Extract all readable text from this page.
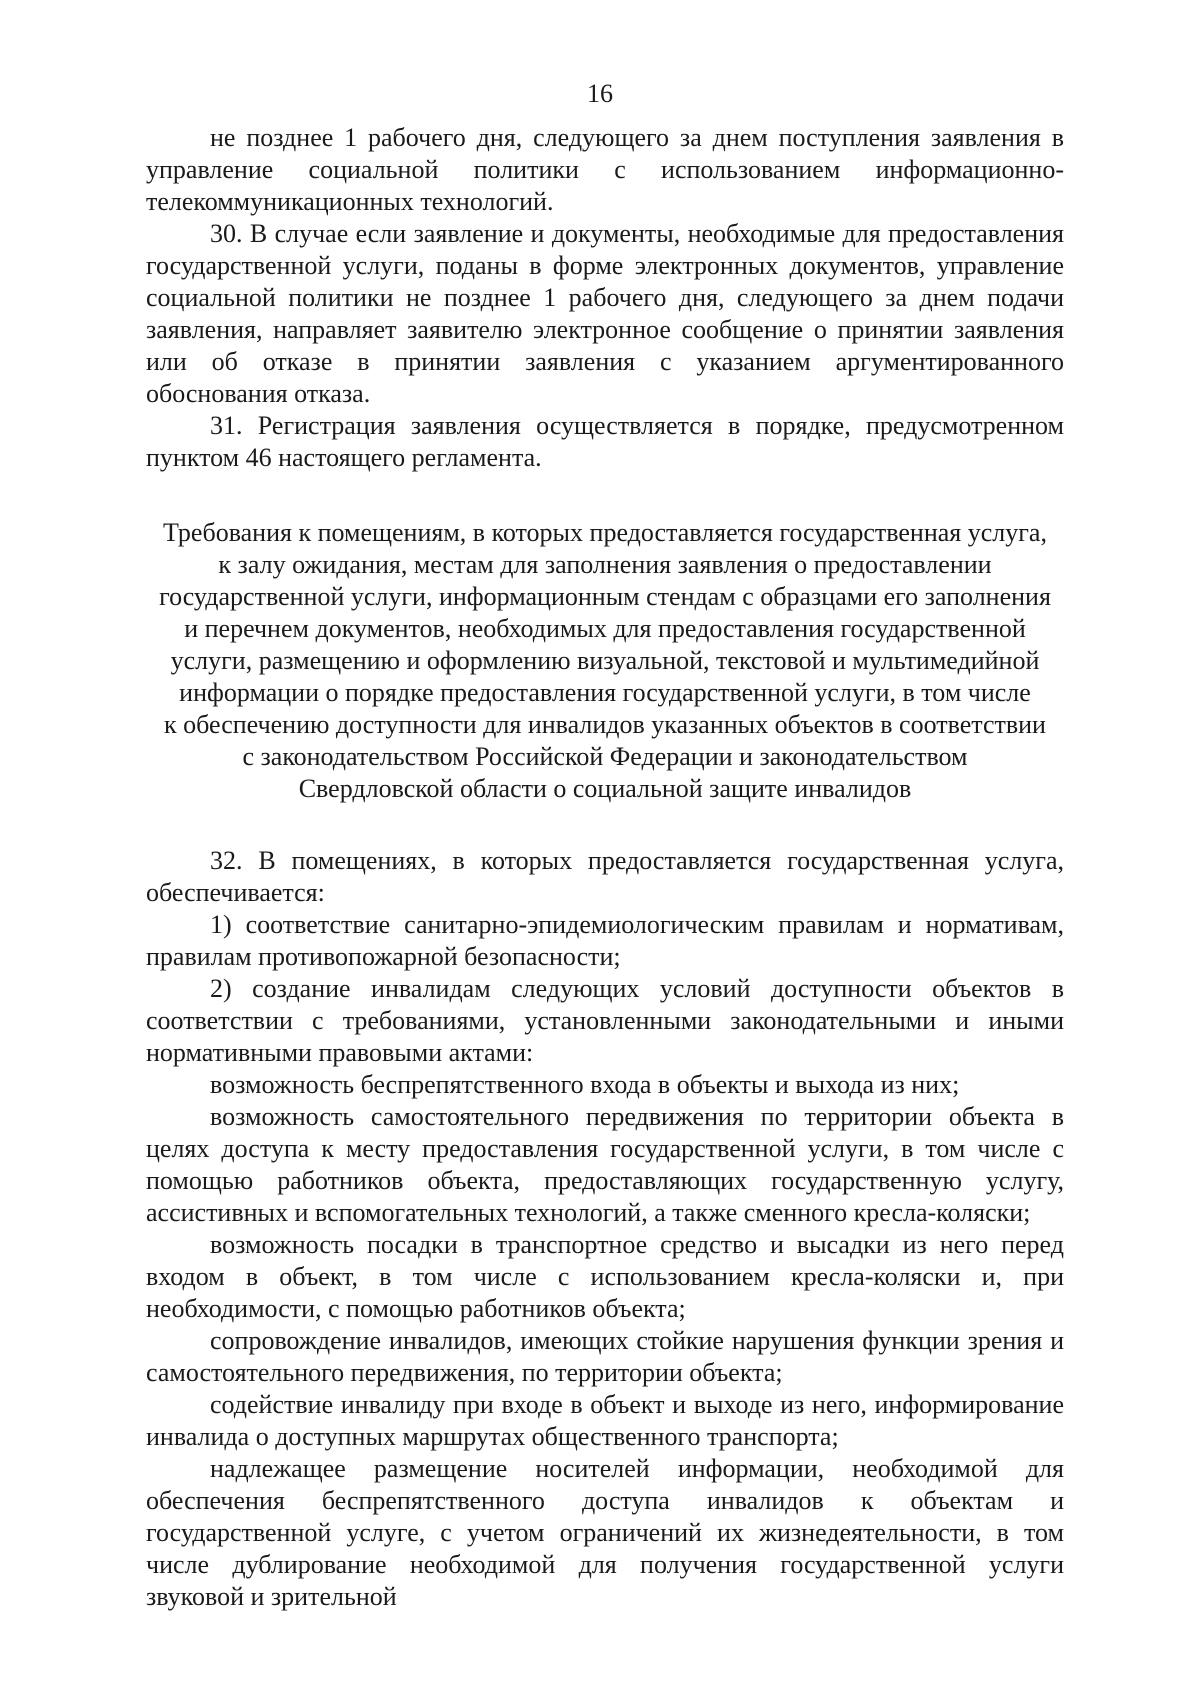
16

не позднее 1 рабочего дня, следующего за днем поступления заявления в управление социальной политики с использованием информационно-телекоммуникационных технологий.

30. В случае если заявление и документы, необходимые для предоставления государственной услуги, поданы в форме электронных документов, управление социальной политики не позднее 1 рабочего дня, следующего за днем подачи заявления, направляет заявителю электронное сообщение о принятии заявления или об отказе в принятии заявления с указанием аргументированного обоснования отказа.

31. Регистрация заявления осуществляется в порядке, предусмотренном пунктом 46 настоящего регламента.

Требования к помещениям, в которых предоставляется государственная услуга,
к залу ожидания, местам для заполнения заявления о предоставлении
государственной услуги, информационным стендам с образцами его заполнения
и перечнем документов, необходимых для предоставления государственной
услуги, размещению и оформлению визуальной, текстовой и мультимедийной
информации о порядке предоставления государственной услуги, в том числе
к обеспечению доступности для инвалидов указанных объектов в соответствии
с законодательством Российской Федерации и законодательством
Свердловской области о социальной защите инвалидов

32. В помещениях, в которых предоставляется государственная услуга, обеспечивается:

1) соответствие санитарно-эпидемиологическим правилам и нормативам, правилам противопожарной безопасности;

2) создание инвалидам следующих условий доступности объектов в соответствии с требованиями, установленными законодательными и иными нормативными правовыми актами:

возможность беспрепятственного входа в объекты и выхода из них;

возможность самостоятельного передвижения по территории объекта в целях доступа к месту предоставления государственной услуги, в том числе с помощью работников объекта, предоставляющих государственную услугу, ассистивных и вспомогательных технологий, а также сменного кресла-коляски;

возможность посадки в транспортное средство и высадки из него перед входом в объект, в том числе с использованием кресла-коляски и, при необходимости, с помощью работников объекта;

сопровождение инвалидов, имеющих стойкие нарушения функции зрения и самостоятельного передвижения, по территории объекта;

содействие инвалиду при входе в объект и выходе из него, информирование инвалида о доступных маршрутах общественного транспорта;

надлежащее размещение носителей информации, необходимой для обеспечения беспрепятственного доступа инвалидов к объектам и государственной услуге, с учетом ограничений их жизнедеятельности, в том числе дублирование необходимой для получения государственной услуги звуковой и зрительной
